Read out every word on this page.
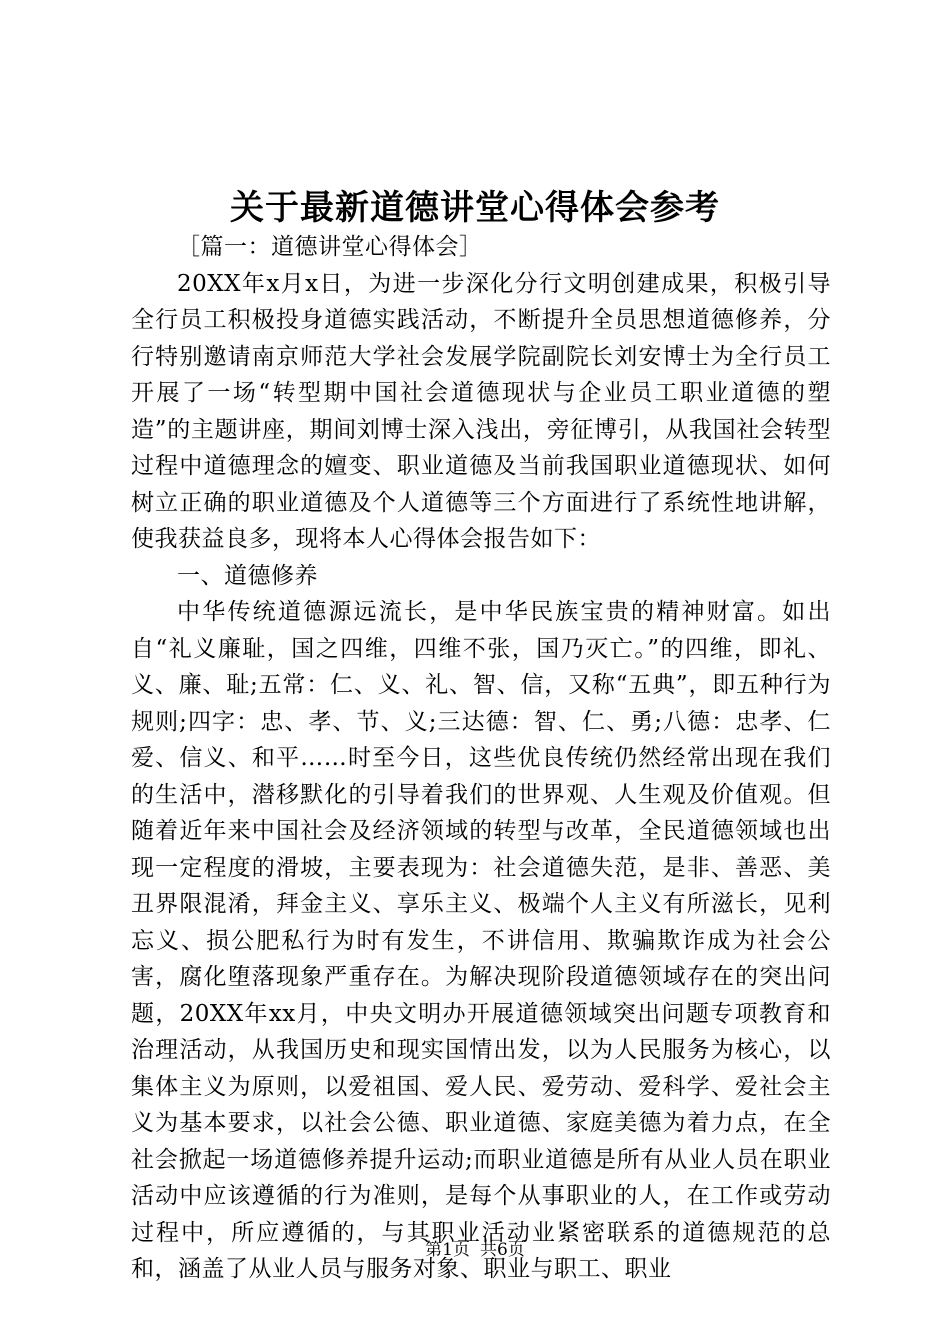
关于最新道德讲堂心得体会参考

［篇一：道德讲堂心得体会］

20XX年x月x日，为进一步深化分行文明创建成果，积极引导全行员工积极投身道德实践活动，不断提升全员思想道德修养，分行特别邀请南京师范大学社会发展学院副院长刘安博士为全行员工开展了一场“转型期中国社会道德现状与企业员工职业道德的塑造”的主题讲座，期间刘博士深入浅出，旁征博引，从我国社会转型过程中道德理念的嬗变、职业道德及当前我国职业道德现状、如何树立正确的职业道德及个人道德等三个方面进行了系统性地讲解，使我获益良多，现将本人心得体会报告如下：

一、道德修养

中华传统道德源远流长，是中华民族宝贵的精神财富。如出自“礼义廉耻，国之四维，四维不张，国乃灭亡。”的四维，即礼、义、廉、耻;五常：仁、义、礼、智、信，又称“五典”，即五种行为规则;四字：忠、孝、节、义;三达德：智、仁、勇;八德：忠孝、仁爱、信义、和平……时至今日，这些优良传统仍然经常出现在我们的生活中，潜移默化的引导着我们的世界观、人生观及价值观。但随着近年来中国社会及经济领域的转型与改革，全民道德领域也出现一定程度的滑坡，主要表现为：社会道德失范，是非、善恶、美丑界限混淆，拜金主义、享乐主义、极端个人主义有所滋长，见利忘义、损公肥私行为时有发生，不讲信用、欺骗欺诈成为社会公害，腐化堕落现象严重存在。为解决现阶段道德领域存在的突出问题，20XX年xx月，中央文明办开展道德领域突出问题专项教育和治理活动，从我国历史和现实国情出发，以为人民服务为核心，以集体主义为原则，以爱祖国、爱人民、爱劳动、爱科学、爱社会主义为基本要求，以社会公德、职业道德、家庭美德为着力点，在全社会掀起一场道德修养提升运动;而职业道德是所有从业人员在职业活动中应该遵循的行为准则，是每个从事职业的人，在工作或劳动过程中，所应遵循的，与其职业活动业紧密联系的道德规范的总和，涵盖了从业人员与服务对象、职业与职工、职业

第1页 共6页
